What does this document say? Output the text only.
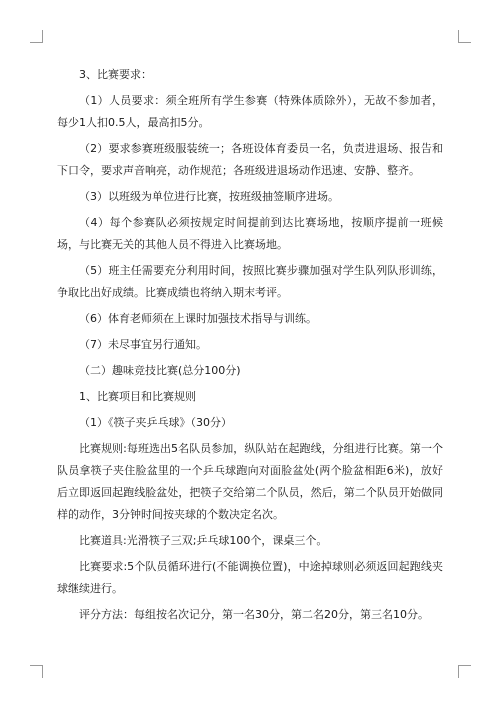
3、比赛要求：

（1）人员要求：须全班所有学生参赛（特殊体质除外），无故不参加者，每少1人扣0.5人，最高扣5分。

（2）要求参赛班级服装统一；各班设体育委员一名，负责进退场、报告和下口令，要求声音响亮，动作规范；各班级进退场动作迅速、安静、整齐。

（3）以班级为单位进行比赛，按班级抽签顺序进场。

（4）每个参赛队必须按规定时间提前到达比赛场地，按顺序提前一班候场，与比赛无关的其他人员不得进入比赛场地。

（5）班主任需要充分利用时间，按照比赛步骤加强对学生队列队形训练，争取比出好成绩。比赛成绩也将纳入期末考评。

（6）体育老师须在上课时加强技术指导与训练。

（7）未尽事宜另行通知。

（二）趣味竞技比赛(总分100分)

1、比赛项目和比赛规则

（1）《筷子夹乒乓球》（30分）

比赛规则:每班选出5名队员参加，纵队站在起跑线，分组进行比赛。第一个队员拿筷子夹住脸盆里的一个乒乓球跑向对面脸盆处(两个脸盆相距6米)，放好后立即返回起跑线脸盆处，把筷子交给第二个队员，然后，第二个队员开始做同样的动作，3分钟时间按夹球的个数决定名次。

比赛道具:光滑筷子三双;乒乓球100个，课桌三个。

比赛要求:5个队员循环进行(不能调换位置)，中途掉球则必须返回起跑线夹球继续进行。

评分方法：每组按名次记分，第一名30分，第二名20分，第三名10分。
